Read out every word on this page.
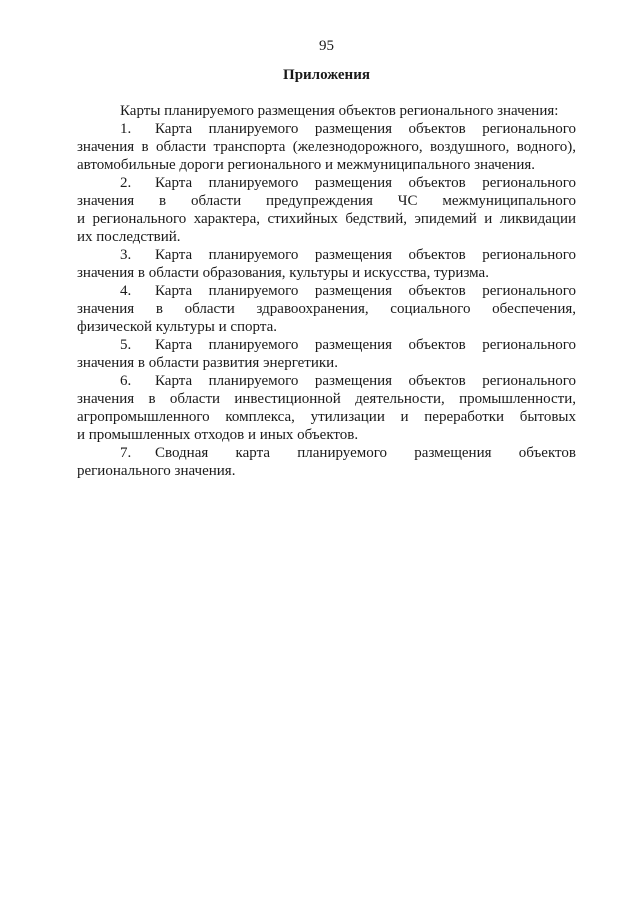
95
Приложения
Карты планируемого размещения объектов регионального значения:
1. Карта планируемого размещения объектов регионального
значения в области транспорта (железнодорожного, воздушного, водного),
автомобильные дороги регионального и межмуниципального значения.
2. Карта планируемого размещения объектов регионального
значения в области предупреждения ЧС межмуниципального
и регионального характера, стихийных бедствий, эпидемий и ликвидации
их последствий.
3. Карта планируемого размещения объектов регионального
значения в области образования, культуры и искусства, туризма.
4. Карта планируемого размещения объектов регионального
значения в области здравоохранения, социального обеспечения,
физической культуры и спорта.
5. Карта планируемого размещения объектов регионального
значения в области развития энергетики.
6. Карта планируемого размещения объектов регионального
значения в области инвестиционной деятельности, промышленности,
агропромышленного комплекса, утилизации и переработки бытовых
и промышленных отходов и иных объектов.
7. Сводная карта планируемого размещения объектов
регионального значения.
